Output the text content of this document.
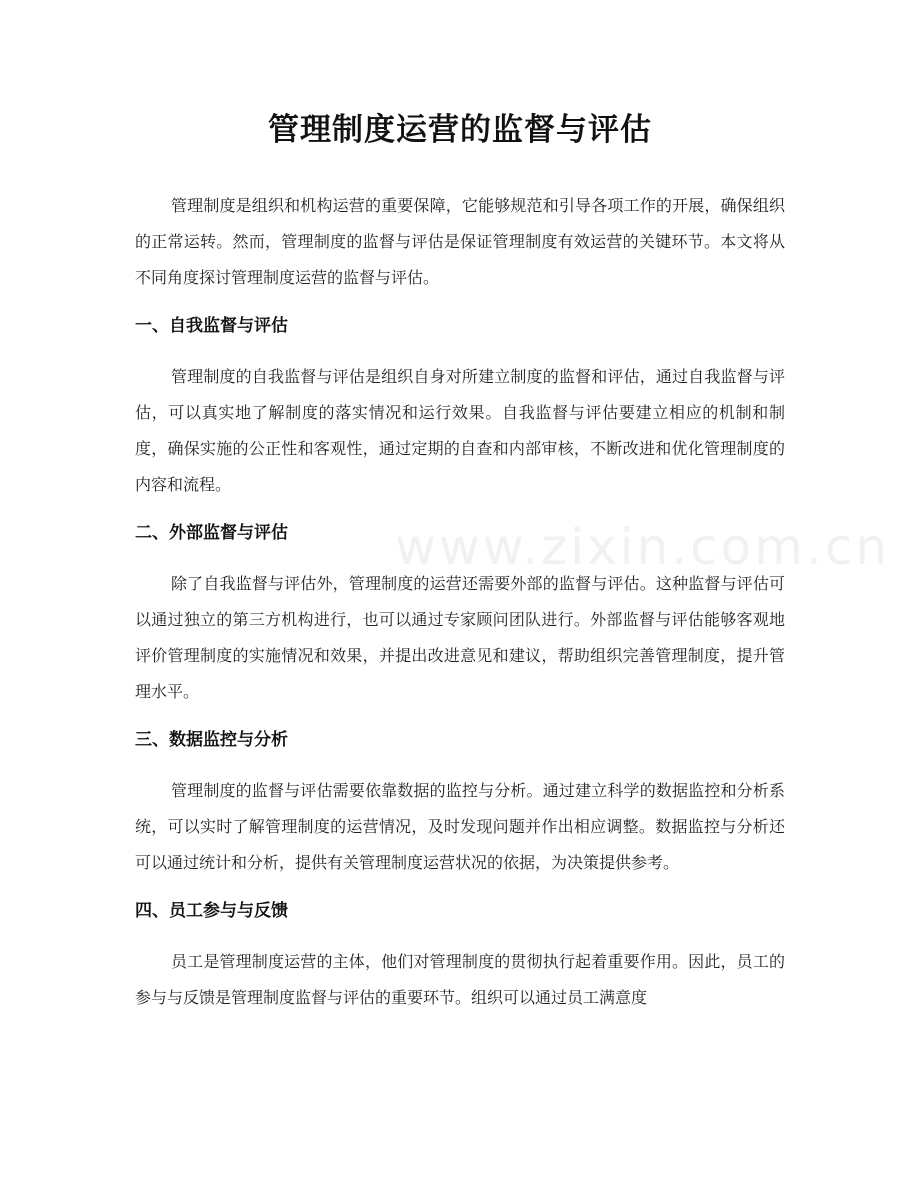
管理制度运营的监督与评估

管理制度是组织和机构运营的重要保障，它能够规范和引导各项工作的开展，确保组织的正常运转。然而，管理制度的监督与评估是保证管理制度有效运营的关键环节。本文将从不同角度探讨管理制度运营的监督与评估。

一、自我监督与评估

管理制度的自我监督与评估是组织自身对所建立制度的监督和评估，通过自我监督与评估，可以真实地了解制度的落实情况和运行效果。自我监督与评估要建立相应的机制和制度，确保实施的公正性和客观性，通过定期的自查和内部审核，不断改进和优化管理制度的内容和流程。

二、外部监督与评估

除了自我监督与评估外，管理制度的运营还需要外部的监督与评估。这种监督与评估可以通过独立的第三方机构进行，也可以通过专家顾问团队进行。外部监督与评估能够客观地评价管理制度的实施情况和效果，并提出改进意见和建议，帮助组织完善管理制度，提升管理水平。

三、数据监控与分析

管理制度的监督与评估需要依靠数据的监控与分析。通过建立科学的数据监控和分析系统，可以实时了解管理制度的运营情况，及时发现问题并作出相应调整。数据监控与分析还可以通过统计和分析，提供有关管理制度运营状况的依据，为决策提供参考。

四、员工参与与反馈

员工是管理制度运营的主体，他们对管理制度的贯彻执行起着重要作用。因此，员工的参与与反馈是管理制度监督与评估的重要环节。组织可以通过员工满意度

www.zixin.com.cn
